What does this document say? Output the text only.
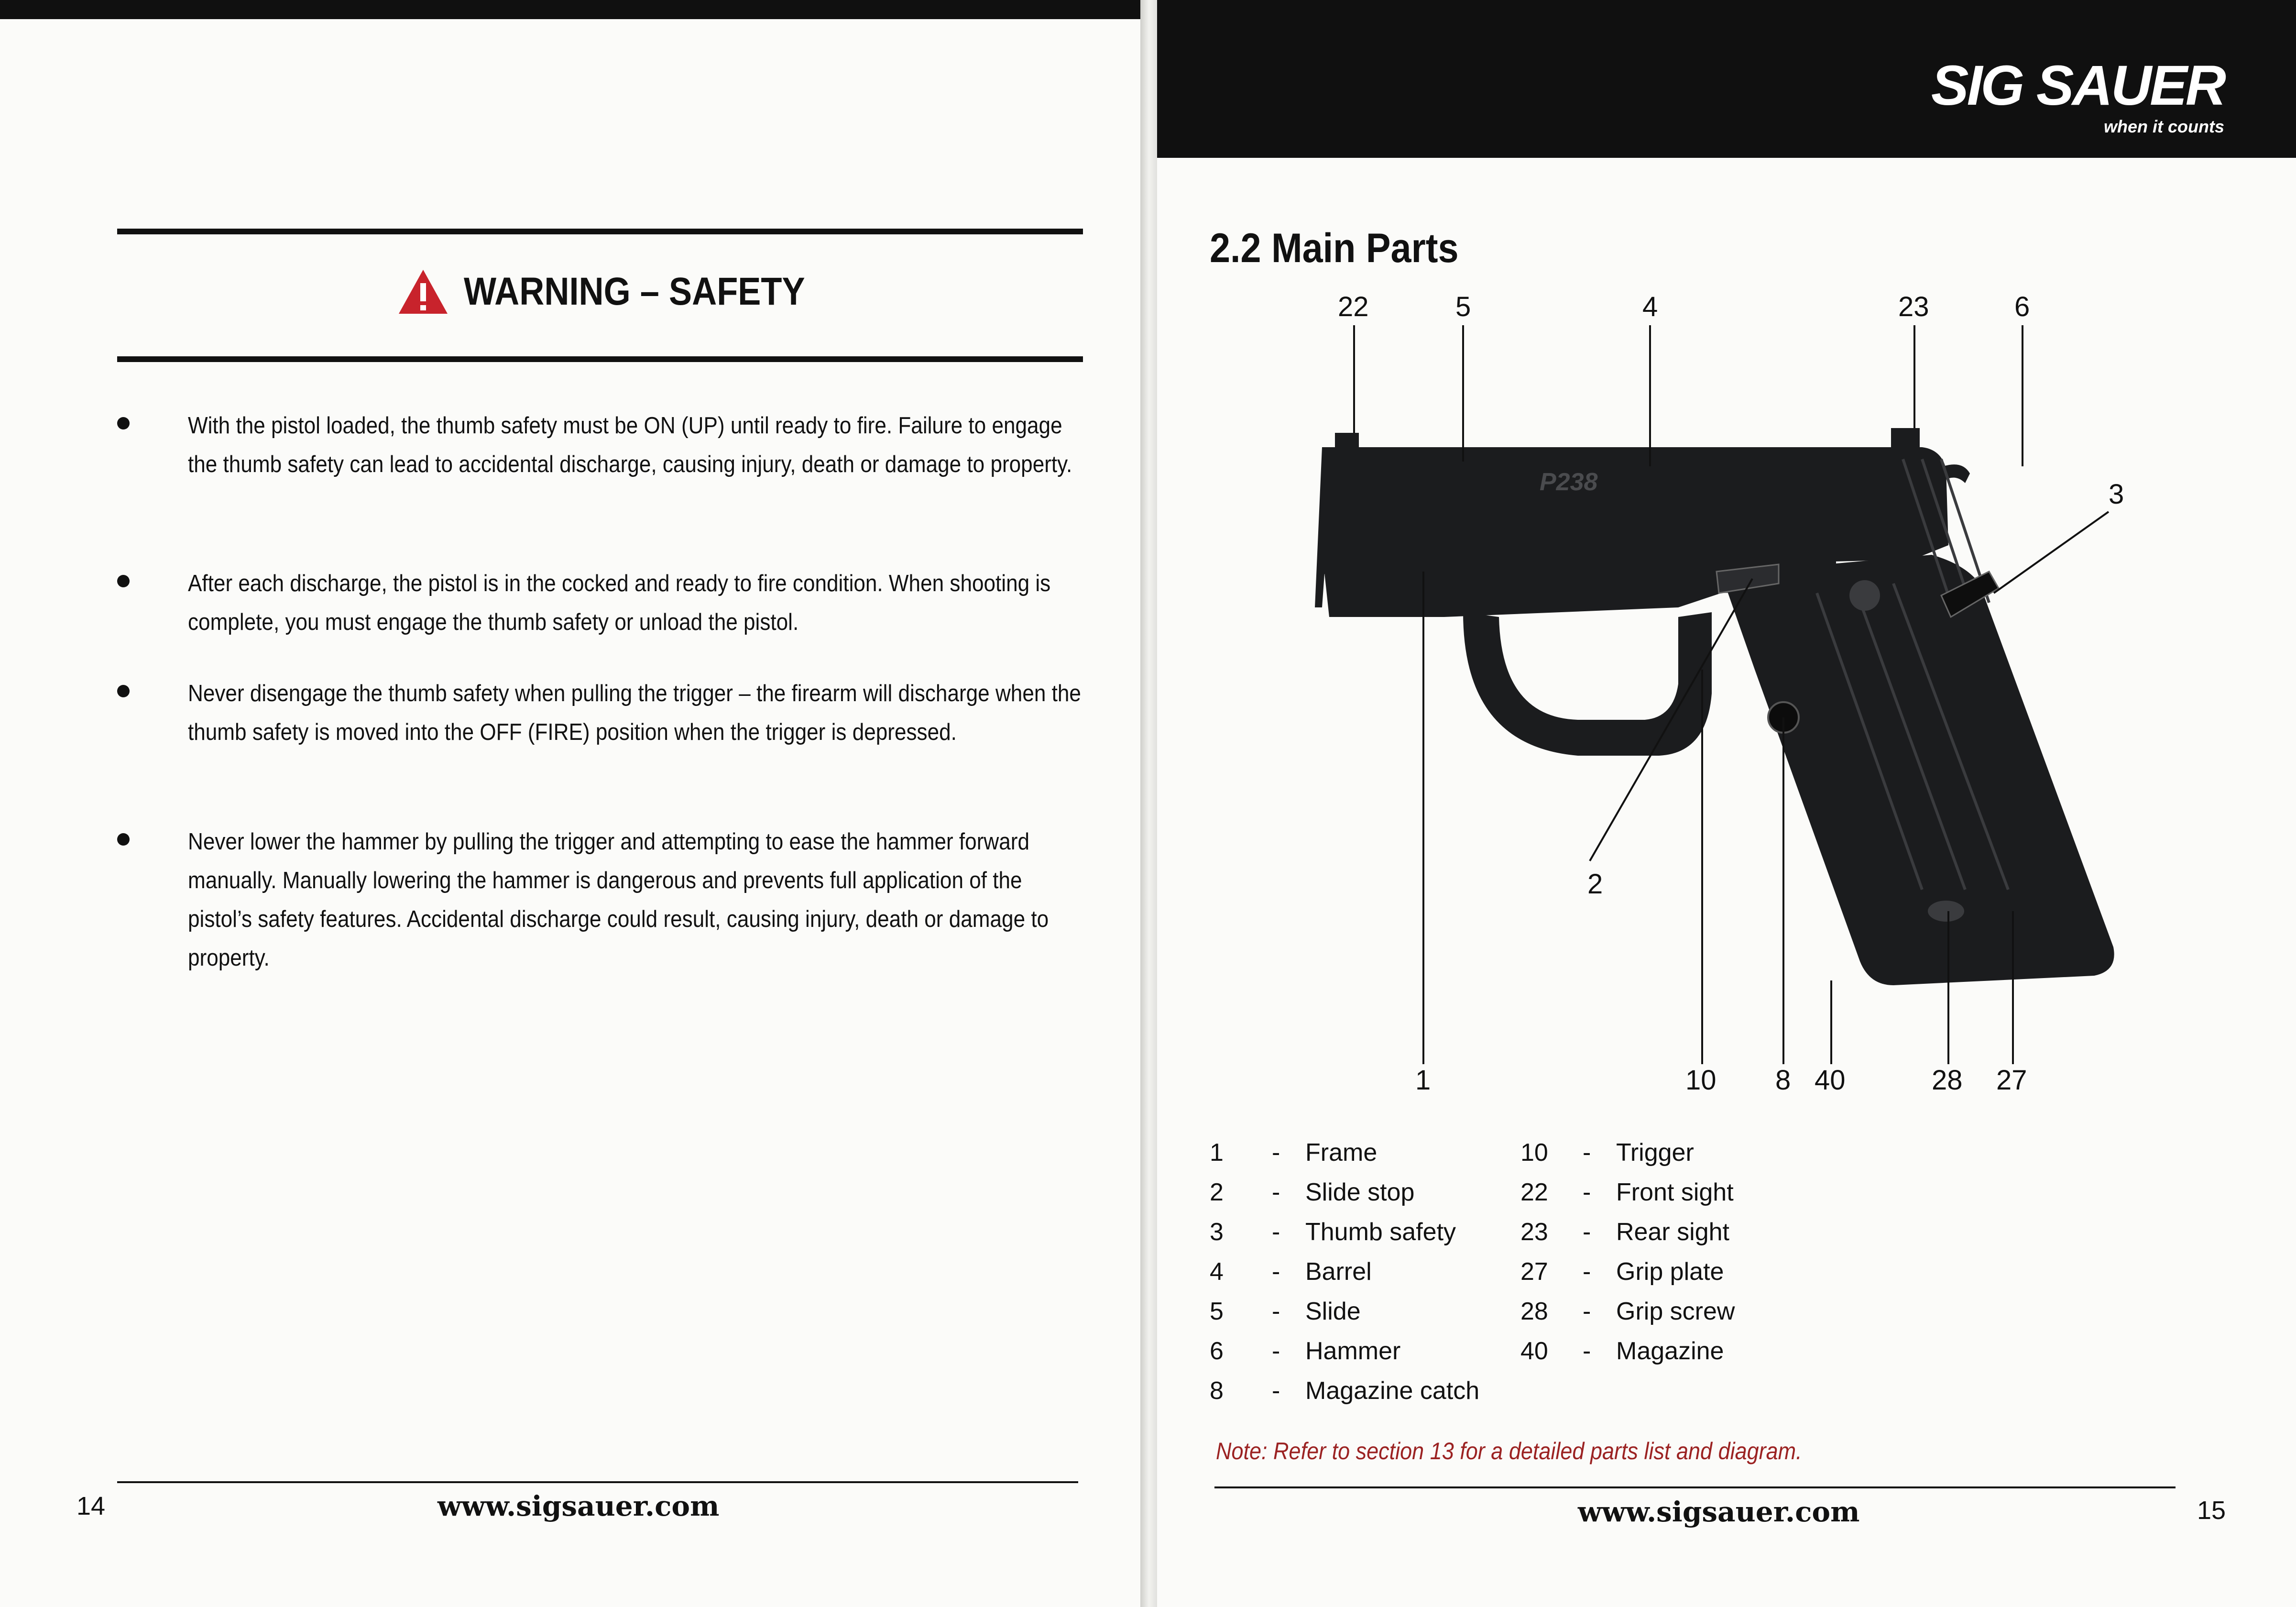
WARNING – SAFETY

With the pistol loaded, the thumb safety must be ON (UP) until ready to fire. Failure to engage the thumb safety can lead to accidental discharge, causing injury, death or damage to property.

After each discharge, the pistol is in the cocked and ready to fire condition. When shooting is complete, you must engage the thumb safety or unload the pistol.

Never disengage the thumb safety when pulling the trigger – the firearm will discharge when the thumb safety is moved into the OFF (FIRE) position when the trigger is depressed.

Never lower the hammer by pulling the trigger and attempting to ease the hammer forward manually. Manually lowering the hammer is dangerous and prevents full application of the pistol’s safety features. Accidental discharge could result, causing injury, death or damage to property.

14	www.sigsauer.com
SIG SAUER
when it counts
2.2 Main Parts
P238
22	5	4	23	6
3
2
1	10 8 40	28 27
1 - Frame
2 - Slide stop
3 - Thumb safety
4 - Barrel
5 - Slide
6 - Hammer
8 - Magazine catch
10 - Trigger
22 - Front sight
23 - Rear sight
27 - Grip plate
28 - Grip screw
40 - Magazine
Note: Refer to section 13 for a detailed parts list and diagram.
www.sigsauer.com	15
